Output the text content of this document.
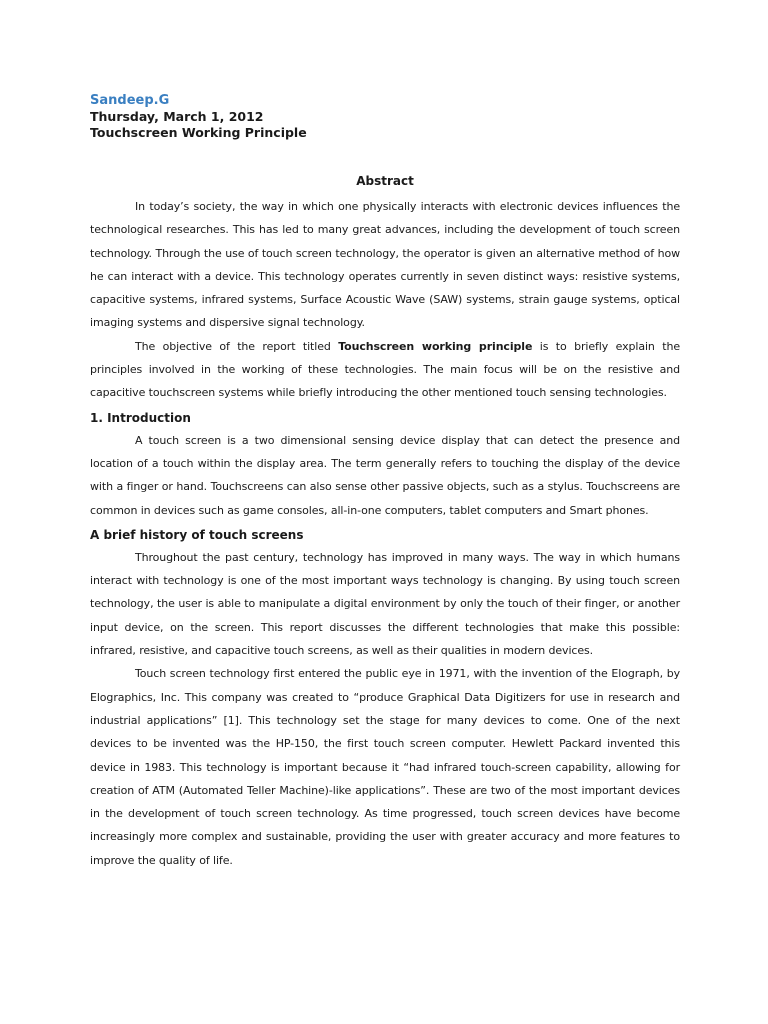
Sandeep.G
Thursday, March 1, 2012
Touchscreen Working Principle
Abstract

In today’s society, the way in which one physically interacts with electronic devices influences the technological researches. This has led to many great advances, including the development of touch screen technology. Through the use of touch screen technology, the operator is given an alternative method of how he can interact with a device. This technology operates currently in seven distinct ways: resistive systems, capacitive systems, infrared systems, Surface Acoustic Wave (SAW) systems, strain gauge systems, optical imaging systems and dispersive signal technology.

The objective of the report titled Touchscreen working principle is to briefly explain the principles involved in the working of these technologies. The main focus will be on the resistive and capacitive touchscreen systems while briefly introducing the other mentioned touch sensing technologies.

1. Introduction

A touch screen is a two dimensional sensing device display that can detect the presence and location of a touch within the display area. The term generally refers to touching the display of the device with a finger or hand. Touchscreens can also sense other passive objects, such as a stylus. Touchscreens are common in devices such as game consoles, all-in-one computers, tablet computers and Smart phones.

A brief history of touch screens

Throughout the past century, technology has improved in many ways. The way in which humans interact with technology is one of the most important ways technology is changing. By using touch screen technology, the user is able to manipulate a digital environment by only the touch of their finger, or another input device, on the screen. This report discusses the different technologies that make this possible: infrared, resistive, and capacitive touch screens, as well as their qualities in modern devices.

Touch screen technology first entered the public eye in 1971, with the invention of the Elograph, by Elographics, Inc. This company was created to “produce Graphical Data Digitizers for use in research and industrial applications” [1]. This technology set the stage for many devices to come. One of the next devices to be invented was the HP-150, the first touch screen computer. Hewlett Packard invented this device in 1983. This technology is important because it “had infrared touch-screen capability, allowing for creation of ATM (Automated Teller Machine)-like applications”. These are two of the most important devices in the development of touch screen technology. As time progressed, touch screen devices have become increasingly more complex and sustainable, providing the user with greater accuracy and more features to improve the quality of life.
